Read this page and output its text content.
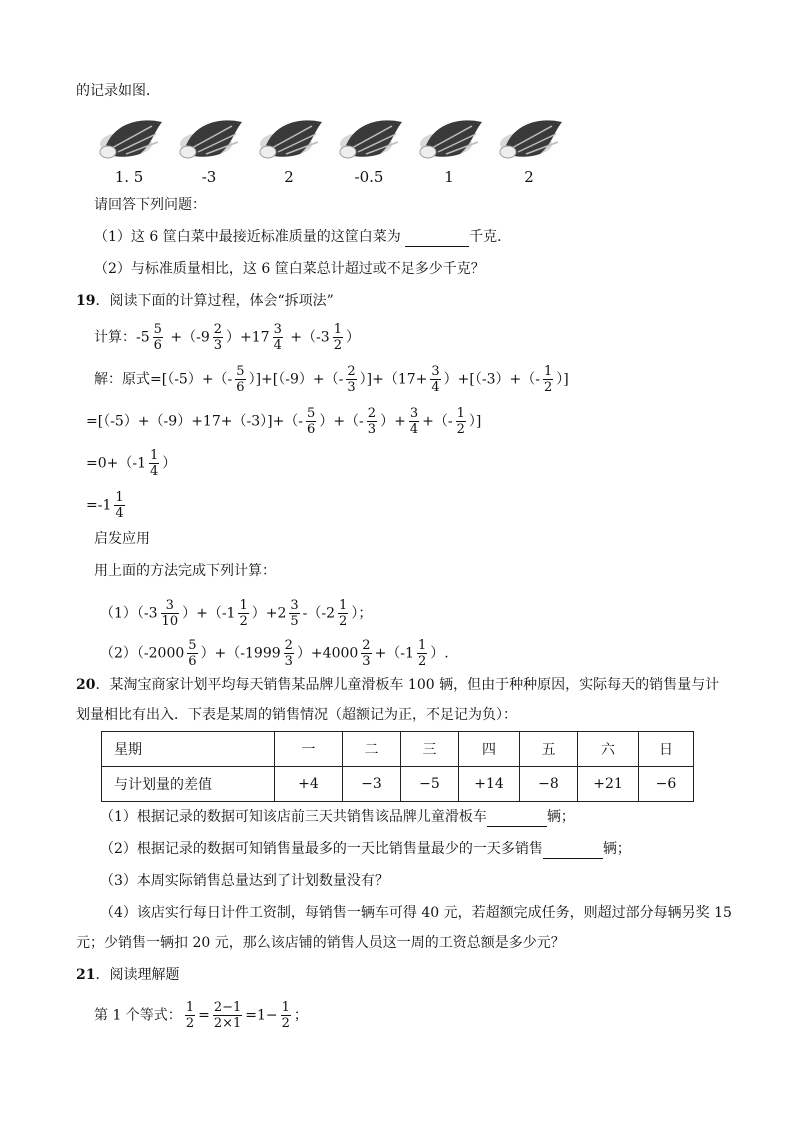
的记录如图．
1. 5	-3	2	-0.5	1	2
请回答下列问题：
（1）这 6 筐白菜中最接近标准质量的这筐白菜为	千克．
（2）与标准质量相比，这 6 筐白菜总计超过或不足多少千克？
19．阅读下面的计算过程，体会“拆项法”
计算：$-5 \frac{5}{6} +(-9 \frac{2}{3} )+17 \frac{3}{4} +(-3 \frac{1}{2}$ ）
解：原式$=[(-5)+(- \frac{5}{6} )]+[(-9)+(- \frac{2}{3} )]+(17+ \frac{3}{4} )+[(-3)+(- \frac{1}{2}$ ）]
$=[(-5)+(-9)+17+(-3)]+(- \frac{5}{6}$ ）+（- $\frac{2}{3}$ ）+ $\frac{3}{4}$ +（- $\frac{1}{2}$ ）]
$=0+(-1 \frac{1}{4}$ ）
$=-1 \frac{1}{4}$
启发应用
用上面的方法完成下列计算：
$(1)(-3 \frac{3}{10} )+(-1 \frac{1}{2} )+2 \frac{3}{5} -(-2 \frac{1}{2}$ ）；
$(2)(-2000 \frac{5}{6} )+(-1999 \frac{2}{3} )+4000 \frac{2}{3} +(-1 \frac{1}{2}$ ）.
20．某淘宝商家计划平均每天销售某品牌儿童滑板车 100 辆，但由于种种原因，实际每天的销售量与计
划量相比有出入．下表是某周的销售情况（超额记为正，不足记为负）：
星期	一	二	三	四	五	六	日
与计划量的差值	+4	−3	−5	+14	−8	+21	−6
（1）根据记录的数据可知该店前三天共销售该品牌儿童滑板车	辆；
（2）根据记录的数据可知销售量最多的一天比销售量最少的一天多销售	辆；
（3）本周实际销售总量达到了计划数量没有？
（4）该店实行每日计件工资制，每销售一辆车可得 40 元，若超额完成任务，则超过部分每辆另奖 15
元；少销售一辆扣 20 元，那么该店铺的销售人员这一周的工资总额是多少元？
21．阅读理解题
第 1 个等式： $\frac{1}{2} = \frac{2-1}{2\times 1} =1- \frac{1}{2}$ ；
